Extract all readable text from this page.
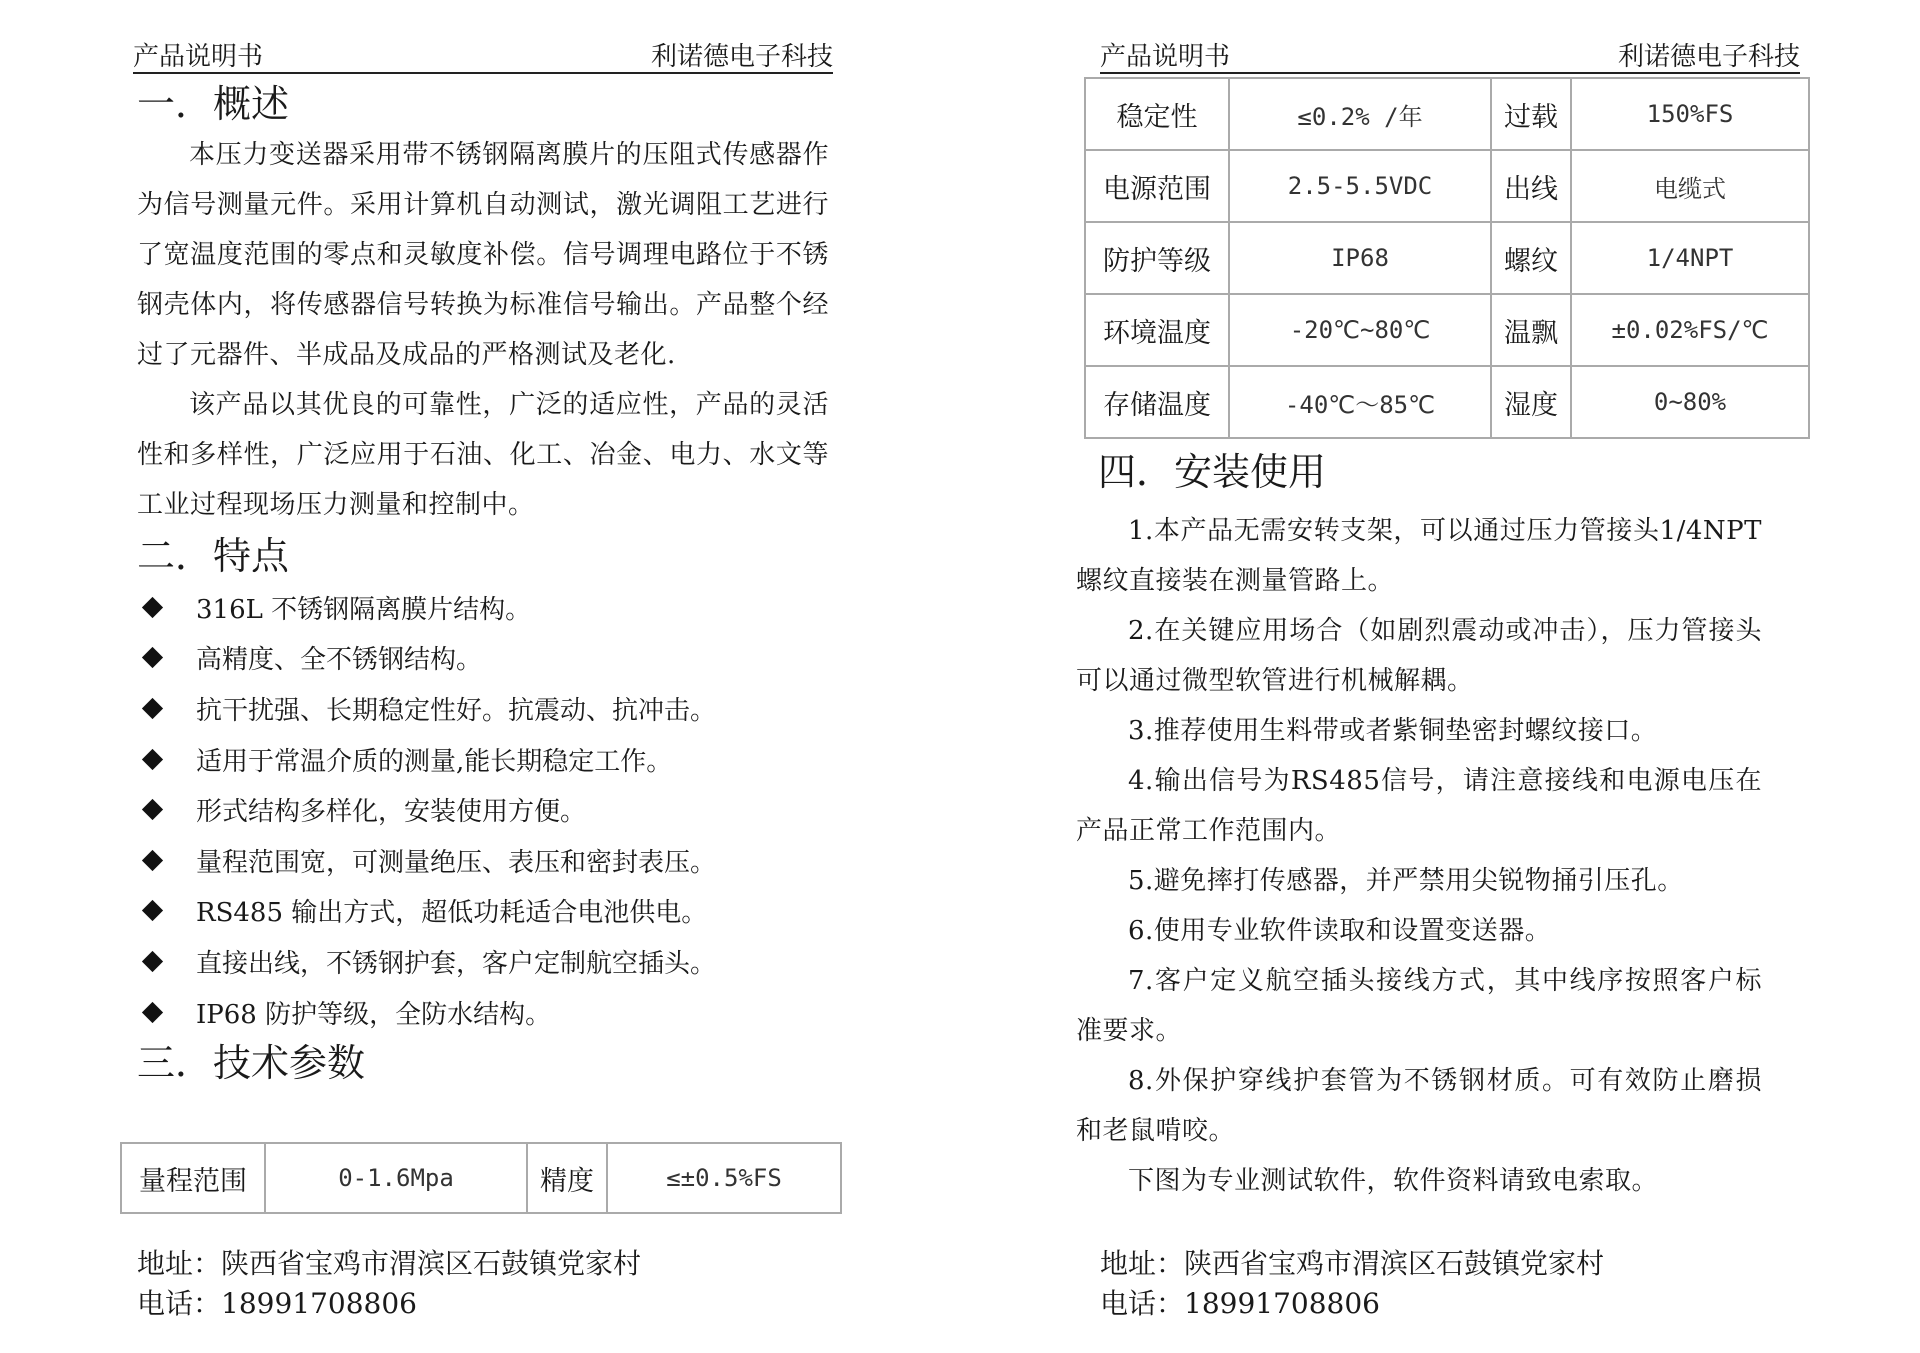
产品说明书	利诺德电子科技
一．概述

本压力变送器采用带不锈钢隔离膜片的压阻式传感器作为信号测量元件。采用计算机自动测试，激光调阻工艺进行了宽温度范围的零点和灵敏度补偿。信号调理电路位于不锈钢壳体内，将传感器信号转换为标准信号输出。产品整个经过了元器件、半成品及成品的严格测试及老化.

该产品以其优良的可靠性，广泛的适应性，产品的灵活性和多样性，广泛应用于石油、化工、冶金、电力、水文等工业过程现场压力测量和控制中。

二．特点
316L 不锈钢隔离膜片结构。
高精度、全不锈钢结构。
抗干扰强、长期稳定性好。抗震动、抗冲击。
适用于常温介质的测量,能长期稳定工作。
形式结构多样化，安装使用方便。
量程范围宽，可测量绝压、表压和密封表压。
RS485 输出方式，超低功耗适合电池供电。
直接出线，不锈钢护套，客户定制航空插头。
IP68 防护等级，全防水结构。
三．技术参数
量程范围	0-1.6Mpa	精度	≤±0.5%FS
地址：陕西省宝鸡市渭滨区石鼓镇党家村
电话：18991708806
产品说明书	利诺德电子科技
稳定性	≤0.2% /年	过载	150%FS
电源范围	2.5-5.5VDC	出线	电缆式
防护等级	IP68	螺纹	1/4NPT
环境温度	-20℃~80℃	温飘	±0.02%FS/℃
存储温度	-40℃～85℃	湿度	0~80%
四．安装使用

1.本产品无需安转支架，可以通过压力管接头1/4NPT螺纹直接装在测量管路上。

2.在关键应用场合（如剧烈震动或冲击），压力管接头可以通过微型软管进行机械解耦。

3.推荐使用生料带或者紫铜垫密封螺纹接口。

4.输出信号为RS485信号，请注意接线和电源电压在产品正常工作范围内。

5.避免摔打传感器，并严禁用尖锐物捅引压孔。

6.使用专业软件读取和设置变送器。

7.客户定义航空插头接线方式，其中线序按照客户标准要求。

8.外保护穿线护套管为不锈钢材质。可有效防止磨损和老鼠啃咬。

下图为专业测试软件，软件资料请致电索取。

地址：陕西省宝鸡市渭滨区石鼓镇党家村
电话：18991708806
